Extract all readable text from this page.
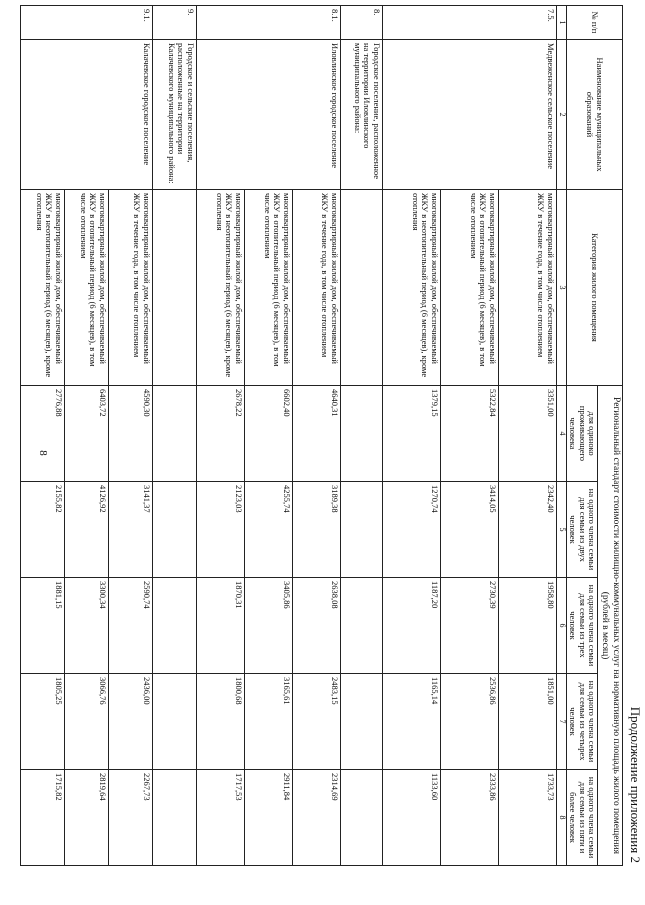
8
Продолжение приложения 2
№ п/п	Наименование муниципальных образований	Категория жилого помещения	Региональный стандарт стоимости жилищно-коммунальных услуг на нормативную площадь жилого помещения (рублей в месяц)				
			для одиноко проживающего человека	на одного члена семьи для семьи из двух человек	на одного члена семьи для семьи из трех человек	на одного члена семьи для семьи из четырех человек	на одного члена семьи для семьи из пяти и более человек
1	2	3	4	5	6	7	8
7.5.	Медвеженское сельское поселение	многоквартирный жилой дом, обеспечиваемый ЖКУ в течение года, в том числе отоплением	3351,00	2342,40	1958,80	1851,00	1733,73
		многоквартирный жилой дом, обеспечиваемый ЖКУ в отопительный период (6 месяцев), в том числе отоплением	5322,84	3414,05	2730,39	2536,86	2333,86
		многоквартирный жилой дом, обеспечиваемый ЖКУ в неотопительный период (6 месяцев), кроме отопления	1379,15	1270,74	1187,20	1165,14	1133,60
8.	Городское поселение, расположенное на территории Иловлинского муниципального района:						
8.1.	Иловлинское городское поселение	многоквартирный жилой дом, обеспечиваемый ЖКУ в течение года, в том числе отоплением	4640,31	3189,38	2638,08	2483,15	2314,69
		многоквартирный жилой дом, обеспечиваемый ЖКУ в отопительный период (6 месяцев), в том числе отоплением	6602,40	4255,74	3405,86	3165,61	2911,84
		многоквартирный жилой дом, обеспечиваемый ЖКУ в неотопительный период (6 месяцев), кроме отопления	2678,22	2123,03	1870,31	1800,68	1717,53
9.	Городское и сельские поселения, расположенные на территории Калачевского муниципального района:						
9.1.	Калачевское городское поселение	многоквартирный жилой дом, обеспечиваемый ЖКУ в течение года, в том числе отоплением	4590,30	3141,37	2590,74	2436,00	2267,73
		многоквартирный жилой дом, обеспечиваемый ЖКУ в отопительный период (6 месяцев), в том числе отоплением	6403,72	4126,92	3300,34	3066,76	2819,64
		многоквартирный жилой дом, обеспечиваемый ЖКУ в неотопительный период (6 месяцев), кроме отопления	2776,88	2155,82	1881,15	1805,25	1715,82
